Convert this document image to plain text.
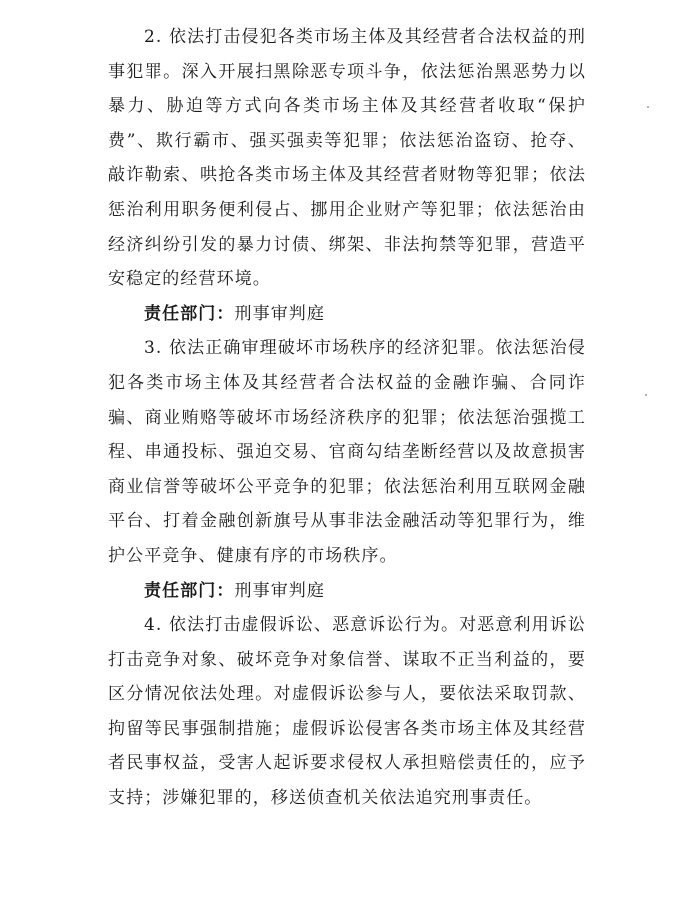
2. 依法打击侵犯各类市场主体及其经营者合法权益的刑事犯罪。深入开展扫黑除恶专项斗争，依法惩治黑恶势力以暴力、胁迫等方式向各类市场主体及其经营者收取“保护费”、欺行霸市、强买强卖等犯罪；依法惩治盗窃、抢夺、敲诈勒索、哄抢各类市场主体及其经营者财物等犯罪；依法惩治利用职务便利侵占、挪用企业财产等犯罪；依法惩治由经济纠纷引发的暴力讨债、绑架、非法拘禁等犯罪，营造平安稳定的经营环境。

责任部门：刑事审判庭

3. 依法正确审理破坏市场秩序的经济犯罪。依法惩治侵犯各类市场主体及其经营者合法权益的金融诈骗、合同诈骗、商业贿赂等破坏市场经济秩序的犯罪；依法惩治强揽工程、串通投标、强迫交易、官商勾结垄断经营以及故意损害商业信誉等破坏公平竞争的犯罪；依法惩治利用互联网金融平台、打着金融创新旗号从事非法金融活动等犯罪行为，维护公平竞争、健康有序的市场秩序。

责任部门：刑事审判庭

4. 依法打击虚假诉讼、恶意诉讼行为。对恶意利用诉讼打击竞争对象、破坏竞争对象信誉、谋取不正当利益的，要区分情况依法处理。对虚假诉讼参与人，要依法采取罚款、拘留等民事强制措施；虚假诉讼侵害各类市场主体及其经营者民事权益，受害人起诉要求侵权人承担赔偿责任的，应予支持；涉嫌犯罪的，移送侦查机关依法追究刑事责任。
